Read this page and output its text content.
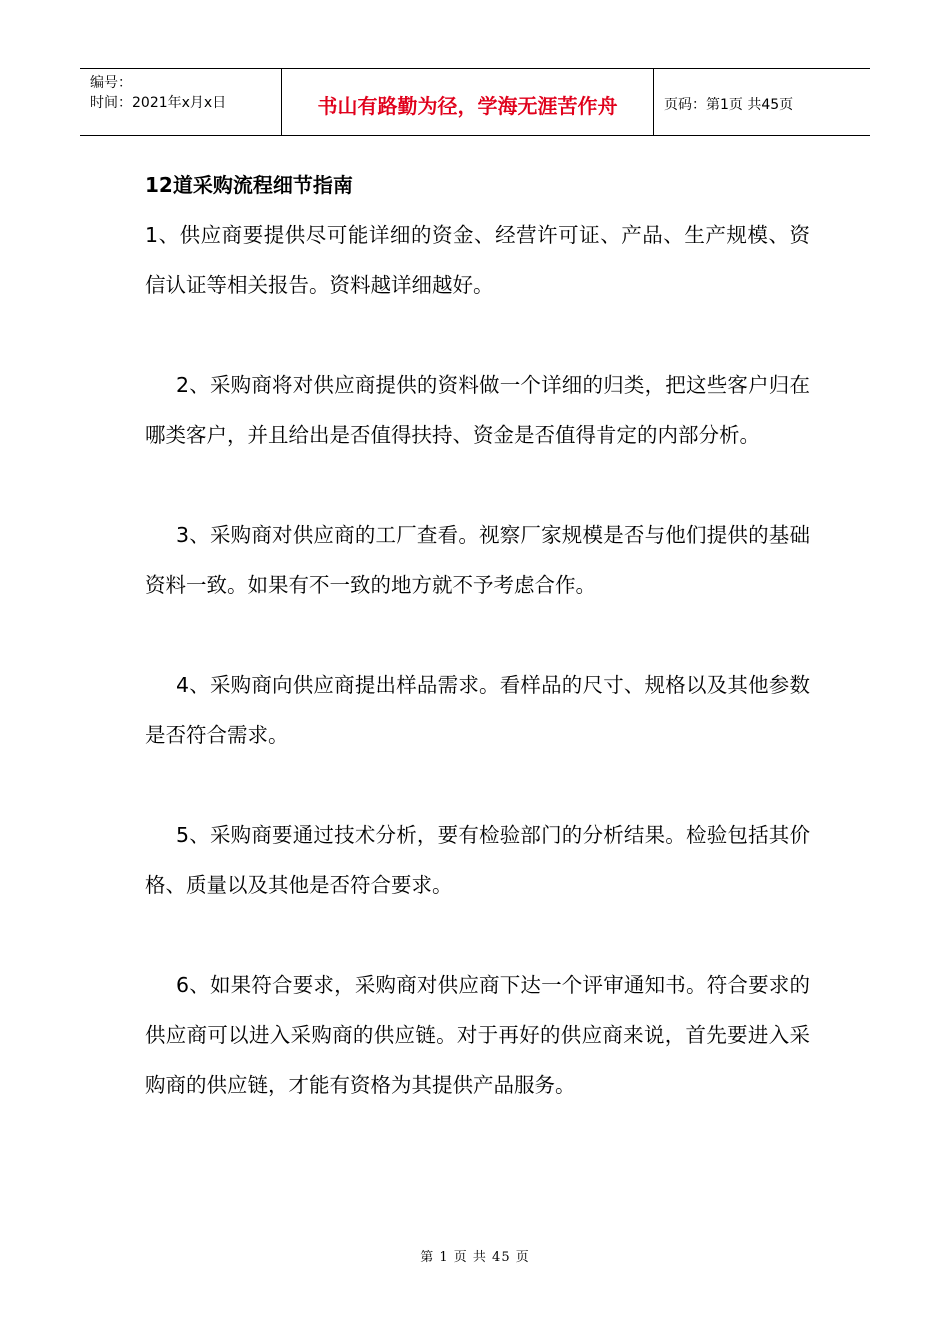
编号：
时间：2021年x月x日	书山有路勤为径，学海无涯苦作舟	页码：第1页 共45页
12道采购流程细节指南

1、供应商要提供尽可能详细的资金、经营许可证、产品、生产规模、资信认证等相关报告。资料越详细越好。

2、采购商将对供应商提供的资料做一个详细的归类，把这些客户归在哪类客户，并且给出是否值得扶持、资金是否值得肯定的内部分析。

3、采购商对供应商的工厂查看。视察厂家规模是否与他们提供的基础资料一致。如果有不一致的地方就不予考虑合作。

4、采购商向供应商提出样品需求。看样品的尺寸、规格以及其他参数是否符合需求。

5、采购商要通过技术分析，要有检验部门的分析结果。检验包括其价格、质量以及其他是否符合要求。

6、如果符合要求，采购商对供应商下达一个评审通知书。符合要求的供应商可以进入采购商的供应链。对于再好的供应商来说，首先要进入采购商的供应链，才能有资格为其提供产品服务。

第 1 页 共 45 页
